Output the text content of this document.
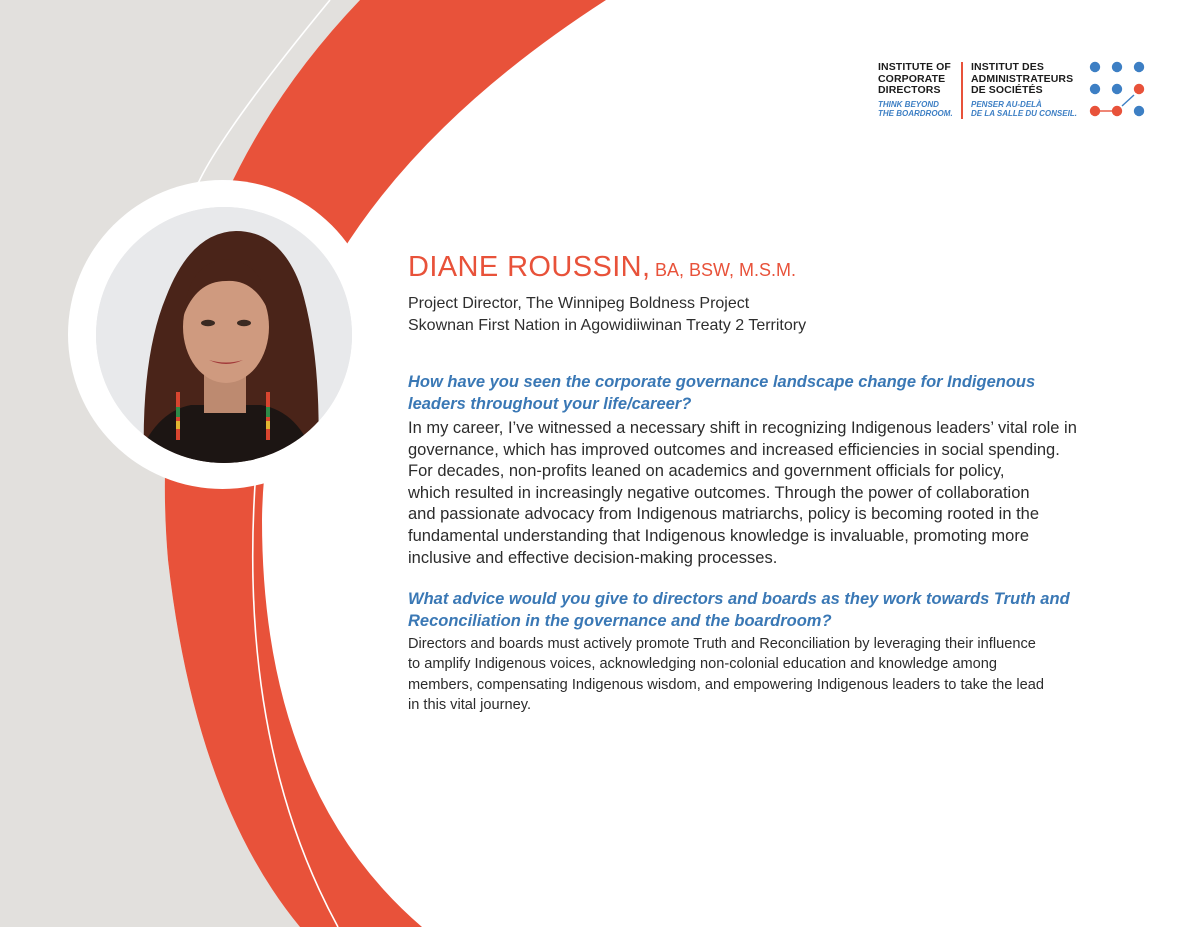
INSTITUTE OF
CORPORATE
DIRECTORS
THINK BEYOND
THE BOARDROOM.
INSTITUT DES
ADMINISTRATEURS
DE SOCIÉTÉS
PENSER AU-DELÀ
DE LA SALLE DU CONSEIL.

DIANE ROUSSIN, BA, BSW, M.S.M.

Project Director, The Winnipeg Boldness Project

Skownan First Nation in Agowidiiwinan Treaty 2 Territory

How have you seen the corporate governance landscape change for Indigenous

leaders throughout your life/career?

In my career, I’ve witnessed a necessary shift in recognizing Indigenous leaders’ vital role in

governance, which has improved outcomes and increased efficiencies in social spending.

For decades, non-profits leaned on academics and government officials for policy,

which resulted in increasingly negative outcomes. Through the power of collaboration

and passionate advocacy from Indigenous matriarchs, policy is becoming rooted in the

fundamental understanding that Indigenous knowledge is invaluable, promoting more

inclusive and effective decision-making processes.

What advice would you give to directors and boards as they work towards Truth and

Reconciliation in the governance and the boardroom?

Directors and boards must actively promote Truth and Reconciliation by leveraging their influence

to amplify Indigenous voices, acknowledging non-colonial education and knowledge among

members, compensating Indigenous wisdom, and empowering Indigenous leaders to take the lead

in this vital journey.
